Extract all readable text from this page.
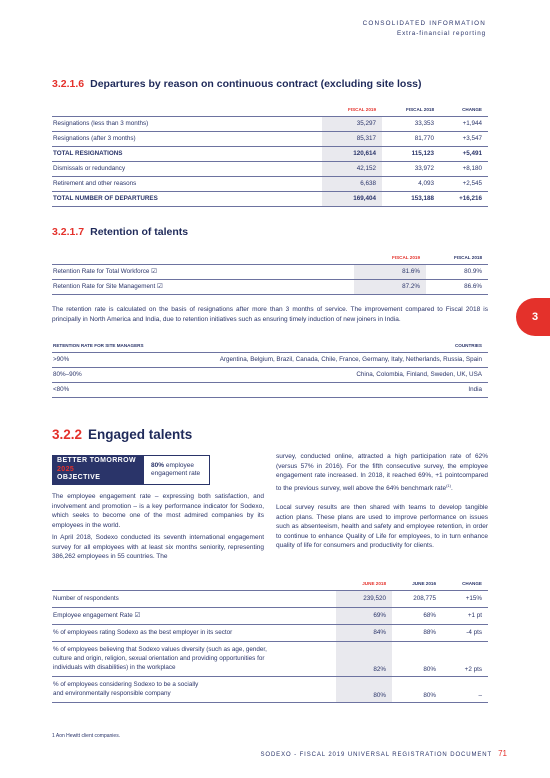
CONSOLIDATED INFORMATION
Extra-financial reporting
3.2.1.6 Departures by reason on continuous contract (excluding site loss)
	FISCAL 2019	FISCAL 2018	CHANGE
Resignations (less than 3 months)	35,297	33,353	+1,944
Resignations (after 3 months)	85,317	81,770	+3,547
TOTAL RESIGNATIONS	120,614	115,123	+5,491
Dismissals or redundancy	42,152	33,972	+8,180
Retirement and other reasons	6,638	4,093	+2,545
TOTAL NUMBER OF DEPARTURES	169,404	153,188	+16,216
3.2.1.7 Retention of talents
	FISCAL 2019	FISCAL 2018
Retention Rate for Total Workforce ☑	81.6%	80.9%
Retention Rate for Site Management ☑	87.2%	86.6%
The retention rate is calculated on the basis of resignations after more than 3 months of service. The improvement compared to Fiscal 2018 is principally in North America and India, due to retention initiatives such as ensuring timely induction of new joiners in India.	3
RETENTION RATE FOR SITE MANAGERS	COUNTRIES
>90%	Argentina, Belgium, Brazil, Canada, Chile, France, Germany, Italy, Netherlands, Russia, Spain
80%–90%	China, Colombia, Finland, Sweden, UK, USA
<80%	India
3.2.2 Engaged talents
BETTER TOMORROW
2025
OBJECTIVE
80% employee
engagement rate
The employee engagement rate – expressing both satisfaction, and involvement and promotion – is a key performance indicator for Sodexo, which seeks to become one of the most admired companies by its employees in the world.
In April 2018, Sodexo conducted its seventh international engagement survey for all employees with at least six months seniority, representing 386,262 employees in 55 countries. The
survey, conducted online, attracted a high participation rate of 62% (versus 57% in 2016). For the fifth consecutive survey, the employee engagement rate increased. In 2018, it reached 69%, +1 pointcompared to the previous survey, well above the 64% benchmark rate$^{(1)}$.
Local survey results are then shared with teams to develop tangible action plans. These plans are used to improve performance on issues such as absenteeism, health and safety and employee retention, in order to continue to enhance Quality of Life for employees, to in turn enhance quality of life for consumers and productivity for clients.
	JUNE 2018	JUNE 2016	CHANGE
Number of respondents	239,520	208,775	+15%
Employee engagement Rate ☑	69%	68%	+1 pt
% of employees rating Sodexo as the best employer in its sector	84%	88%	-4 pts

% of employees believing that Sodexo values diversity (such as age, gender,
culture and origin, religion, sexual orientation and providing opportunities for
individuals with disabilities) in the workplace	82%	80%	+2 pts

% of employees considering Sodexo to be a socially
and environmentally responsible company	80%	80%	–
1 Aon Hewitt client companies.
SODEXO - FISCAL 2019 UNIVERSAL REGISTRATION DOCUMENT 71
